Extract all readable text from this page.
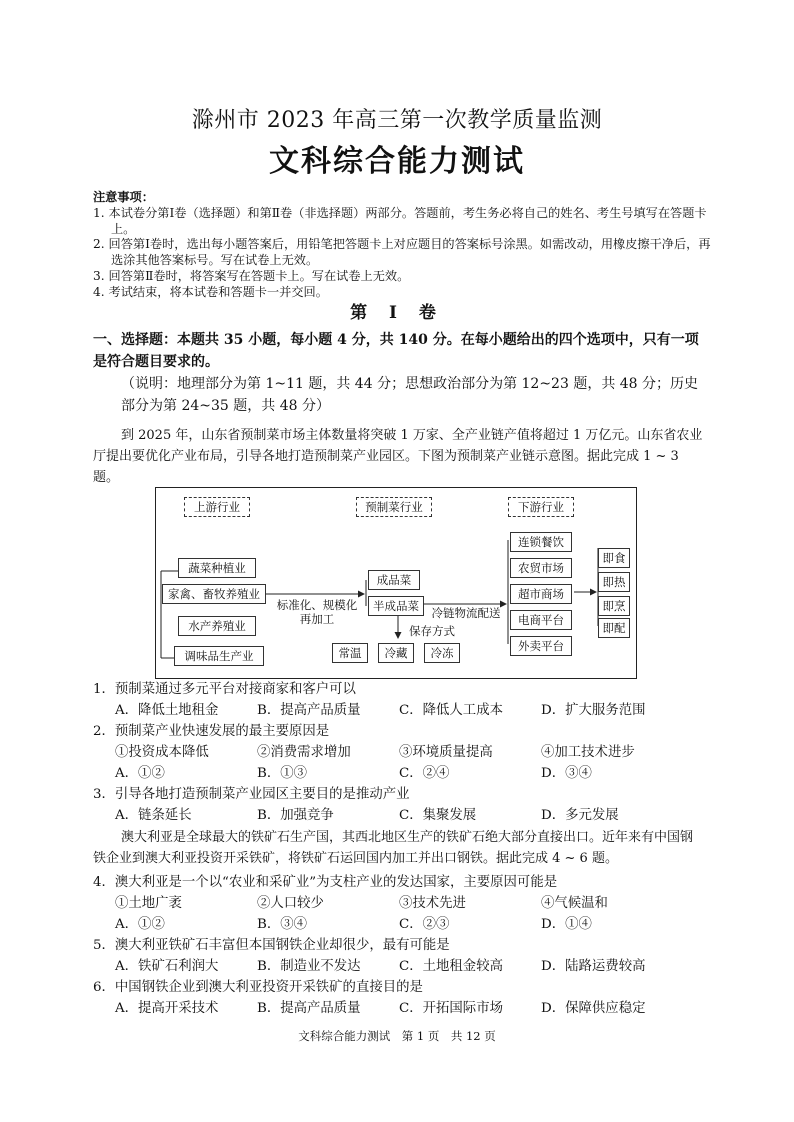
滁州市 2023 年高三第一次教学质量监测
文科综合能力测试
注意事项：
1. 本试卷分第Ⅰ卷（选择题）和第Ⅱ卷（非选择题）两部分。答题前，考生务必将自己的姓名、考生号填写在答题卡上。
2. 回答第Ⅰ卷时，选出每小题答案后，用铅笔把答题卡上对应题目的答案标号涂黑。如需改动，用橡皮擦干净后，再选涂其他答案标号。写在试卷上无效。
3. 回答第Ⅱ卷时，将答案写在答题卡上。写在试卷上无效。
4. 考试结束，将本试卷和答题卡一并交回。
第 Ⅰ 卷
一、选择题：本题共 35 小题，每小题 4 分，共 140 分。在每小题给出的四个选项中，只有一项是符合题目要求的。
（说明：地理部分为第 1~11 题，共 44 分；思想政治部分为第 12~23 题，共 48 分；历史部分为第 24~35 题，共 48 分）
到 2025 年，山东省预制菜市场主体数量将突破 1 万家、全产业链产值将超过 1 万亿元。山东省农业厅提出要优化产业布局，引导各地打造预制菜产业园区。下图为预制菜产业链示意图。据此完成 1 ~ 3 题。
上游行业	预制菜行业	下游行业
蔬菜种植业
家禽、畜牧养殖业
水产养殖业
调味品生产业
标准化、规模化再加工
成品菜
半成品菜
保存方式
常温	冷藏	冷冻
冷链物流配送
连锁餐饮
农贸市场
超市商场
电商平台
外卖平台
即食
即热
即烹
即配
1．预制菜通过多元平台对接商家和客户可以
A．降低土地租金	B．提高产品质量	C．降低人工成本	D．扩大服务范围
2．预制菜产业快速发展的最主要原因是
①投资成本降低	②消费需求增加	③环境质量提高	④加工技术进步
A．①②	B．①③	C．②④	D．③④
3．引导各地打造预制菜产业园区主要目的是推动产业
A．链条延长	B．加强竞争	C．集聚发展	D．多元发展
澳大利亚是全球最大的铁矿石生产国，其西北地区生产的铁矿石绝大部分直接出口。近年来有中国钢铁企业到澳大利亚投资开采铁矿，将铁矿石运回国内加工并出口钢铁。据此完成 4 ~ 6 题。
4．澳大利亚是一个以“农业和采矿业”为支柱产业的发达国家，主要原因可能是
①土地广袤	②人口较少	③技术先进	④气候温和
A．①②	B．③④	C．②③	D．①④
5．澳大利亚铁矿石丰富但本国钢铁企业却很少，最有可能是
A．铁矿石利润大	B．制造业不发达	C．土地租金较高	D．陆路运费较高
6．中国钢铁企业到澳大利亚投资开采铁矿的直接目的是
A．提高开采技术	B．提高产品质量	C．开拓国际市场	D．保障供应稳定
文科综合能力测试　第 1 页　共 12 页
